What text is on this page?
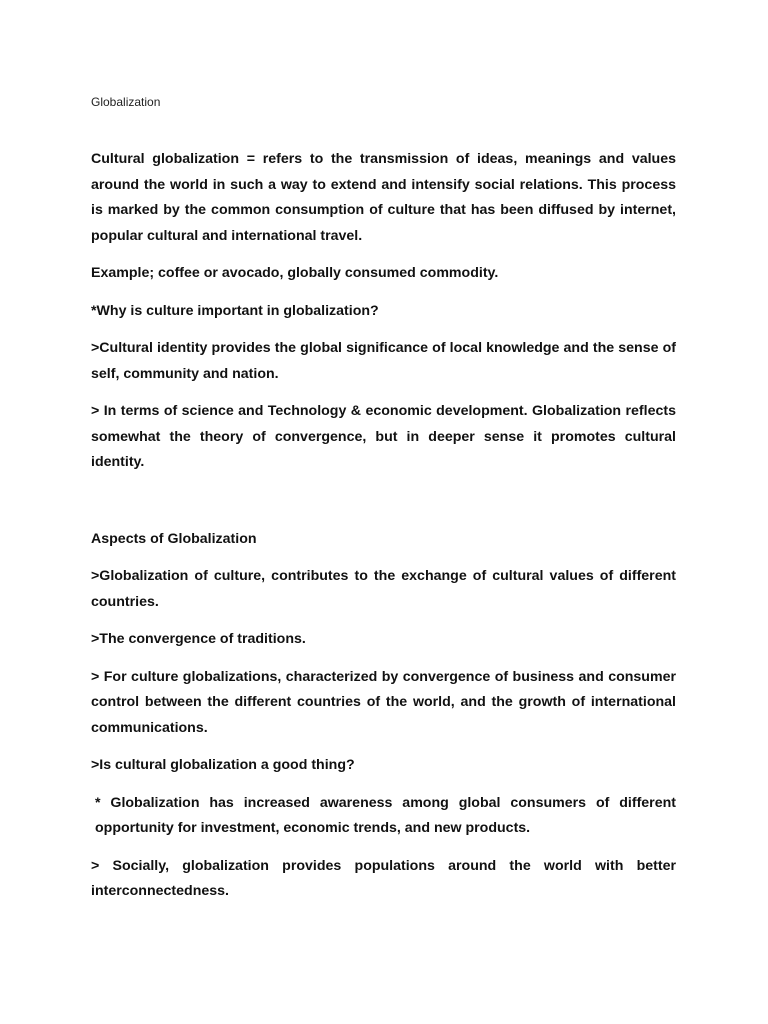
Globalization

Cultural globalization = refers to the transmission of ideas, meanings and values around the world in such a way to extend and intensify social relations. This process is marked by the common consumption of culture that has been diffused by internet, popular cultural and international travel.

Example; coffee or avocado, globally consumed commodity.

*Why is culture important in globalization?

>Cultural identity provides the global significance of local knowledge and the sense of self, community and nation.

> In terms of science and Technology & economic development. Globalization reflects somewhat the theory of convergence, but in deeper sense it promotes cultural identity.

Aspects of Globalization

>Globalization of culture, contributes to the exchange of cultural values of different countries.

>The convergence of traditions.

> For culture globalizations, characterized by convergence of business and consumer control between the different countries of the world, and the growth of international communications.

>Is cultural globalization a good thing?

* Globalization has increased awareness among global consumers of different opportunity for investment, economic trends, and new products.

> Socially, globalization provides populations around the world with better interconnectedness.
